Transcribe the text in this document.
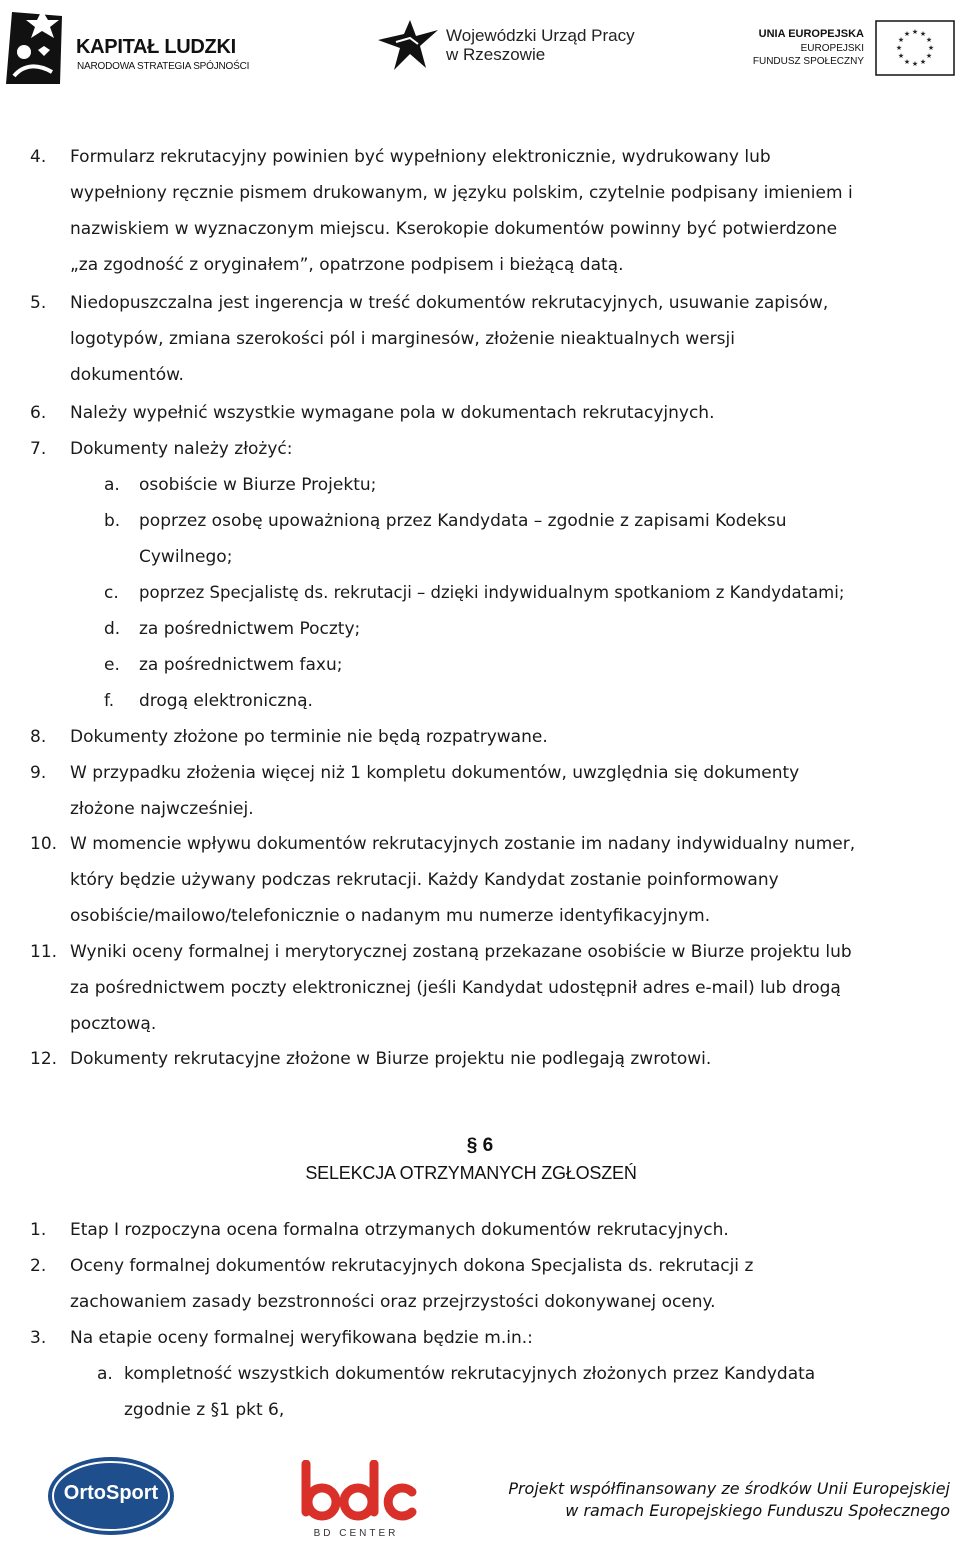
KAPITAŁ LUDZKI
NARODOWA STRATEGIA SPÓJNOŚCI
Wojewódzki Urząd Pracy
w Rzeszowie
UNIA EUROPEJSKA
EUROPEJSKI
FUNDUSZ SPOŁECZNY
★ ★
★
★
★
★
★
★
★
★
★
★
4. Formularz rekrutacyjny powinien być wypełniony elektronicznie, wydrukowany lub
wypełniony ręcznie pismem drukowanym, w języku polskim, czytelnie podpisany imieniem i
nazwiskiem w wyznaczonym miejscu. Kserokopie dokumentów powinny być potwierdzone
„za zgodność z oryginałem”, opatrzone podpisem i bieżącą datą.
5. Niedopuszczalna jest ingerencja w treść dokumentów rekrutacyjnych, usuwanie zapisów,
logotypów, zmiana szerokości pól i marginesów, złożenie nieaktualnych wersji
dokumentów.
6. Należy wypełnić wszystkie wymagane pola w dokumentach rekrutacyjnych.
7. Dokumenty należy złożyć:
a. osobiście w Biurze Projektu;
b. poprzez osobę upoważnioną przez Kandydata – zgodnie z zapisami Kodeksu
Cywilnego;
c. poprzez Specjalistę ds. rekrutacji – dzięki indywidualnym spotkaniom z Kandydatami;
d. za pośrednictwem Poczty;
e. za pośrednictwem faxu;
f. drogą elektroniczną.
8. Dokumenty złożone po terminie nie będą rozpatrywane.
9. W przypadku złożenia więcej niż 1 kompletu dokumentów, uwzględnia się dokumenty
złożone najwcześniej.
10. W momencie wpływu dokumentów rekrutacyjnych zostanie im nadany indywidualny numer,
który będzie używany podczas rekrutacji. Każdy Kandydat zostanie poinformowany
osobiście/mailowo/telefonicznie o nadanym mu numerze identyfikacyjnym.
11. Wyniki oceny formalnej i merytorycznej zostaną przekazane osobiście w Biurze projektu lub
za pośrednictwem poczty elektronicznej (jeśli Kandydat udostępnił adres e-mail) lub drogą
pocztową.
12. Dokumenty rekrutacyjne złożone w Biurze projektu nie podlegają zwrotowi.
§ 6
SELEKCJA OTRZYMANYCH ZGŁOSZEŃ
1. Etap I rozpoczyna ocena formalna otrzymanych dokumentów rekrutacyjnych.
2. Oceny formalnej dokumentów rekrutacyjnych dokona Specjalista ds. rekrutacji z
zachowaniem zasady bezstronności oraz przejrzystości dokonywanej oceny.
3. Na etapie oceny formalnej weryfikowana będzie m.in.:
a. kompletność wszystkich dokumentów rekrutacyjnych złożonych przez Kandydata
zgodnie z §1 pkt 6,
OrtoSport
BD CENTER
Projekt współfinansowany ze środków Unii Europejskiej
w ramach Europejskiego Funduszu Społecznego
